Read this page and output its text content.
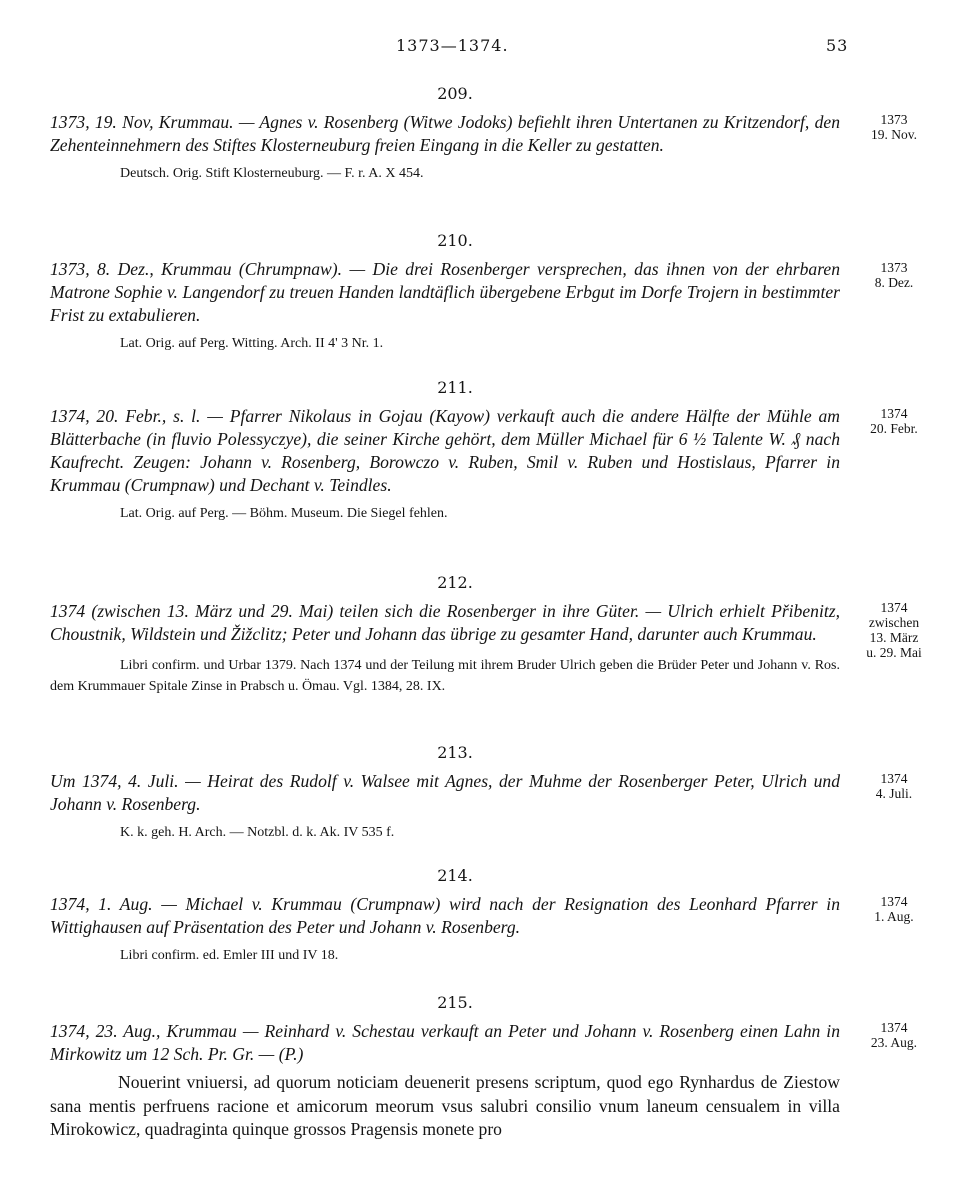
1373—1374.	53
209.
1373, 19. Nov, Krummau. — Agnes v. Rosenberg (Witwe Jodoks) befiehlt ihren Untertanen zu Kritzendorf, den Zehenteinnehmern des Stiftes Klosterneuburg freien Eingang in die Keller zu gestatten.
Deutsch. Orig. Stift Klosterneuburg. — F. r. A. X 454.
1373
19. Nov.
210.
1373, 8. Dez., Krummau (Chrumpnaw). — Die drei Rosenberger versprechen, das ihnen von der ehrbaren Matrone Sophie v. Langendorf zu treuen Handen landtäflich übergebene Erbgut im Dorfe Trojern in bestimmter Frist zu extabulieren.
Lat. Orig. auf Perg. Witting. Arch. II 4' 3 Nr. 1.
1373
8. Dez.
211.
1374, 20. Febr., s. l. — Pfarrer Nikolaus in Gojau (Kayow) verkauft auch die andere Hälfte der Mühle am Blätterbache (in fluvio Polessyczye), die seiner Kirche gehört, dem Müller Michael für 6 ½ Talente W. ₰ nach Kaufrecht. Zeugen: Johann v. Rosenberg, Borowczo v. Ruben, Smil v. Ruben und Hostislaus, Pfarrer in Krummau (Crumpnaw) und Dechant v. Teindles.
Lat. Orig. auf Perg. — Böhm. Museum. Die Siegel fehlen.
1374
20. Febr.
212.
1374 (zwischen 13. März und 29. Mai) teilen sich die Rosenberger in ihre Güter. — Ulrich erhielt Přibenitz, Choustnik, Wildstein und Žižclitz; Peter und Johann das übrige zu gesamter Hand, darunter auch Krummau.
Libri confirm. und Urbar 1379. Nach 1374 und der Teilung mit ihrem Bruder Ulrich geben die Brüder Peter und Johann v. Ros. dem Krummauer Spitale Zinse in Prabsch u. Ömau. Vgl. 1384, 28. IX.
1374
zwischen
13. März
u. 29. Mai
213.
Um 1374, 4. Juli. — Heirat des Rudolf v. Walsee mit Agnes, der Muhme der Rosenberger Peter, Ulrich und Johann v. Rosenberg.
K. k. geh. H. Arch. — Notzbl. d. k. Ak. IV 535 f.
1374
4. Juli.
214.
1374, 1. Aug. — Michael v. Krummau (Crumpnaw) wird nach der Resignation des Leonhard Pfarrer in Wittighausen auf Präsentation des Peter und Johann v. Rosenberg.
Libri confirm. ed. Emler III und IV 18.
1374
1. Aug.
215.
1374, 23. Aug., Krummau — Reinhard v. Schestau verkauft an Peter und Johann v. Rosenberg einen Lahn in Mirkowitz um 12 Sch. Pr. Gr. — (P.)
1374
23. Aug.
Nouerint vniuersi, ad quorum noticiam deuenerit presens scriptum, quod ego Rynhardus de Ziestow sana mentis perfruens racione et amicorum meorum vsus salubri consilio vnum laneum censualem in villa Mirokowicz, quadraginta quinque grossos Pragensis monete pro
